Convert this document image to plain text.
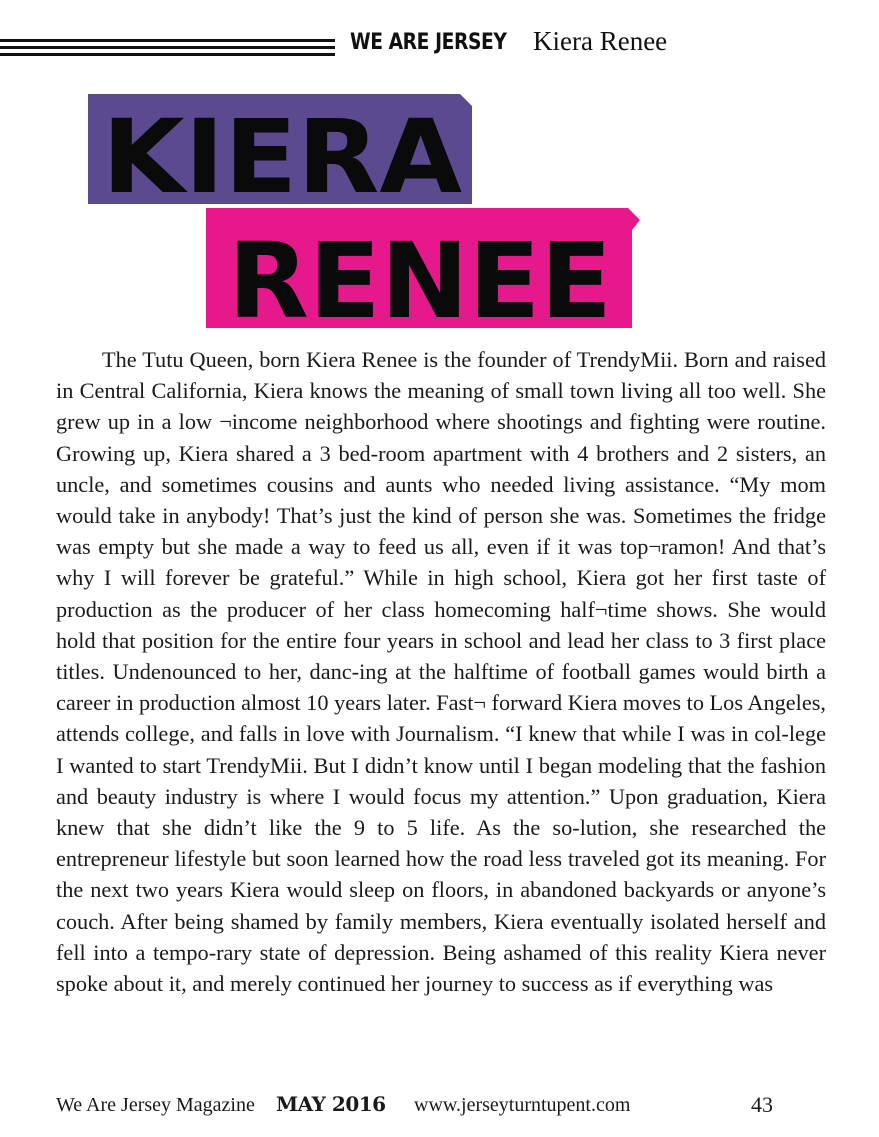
WE ARE JERSEY Kiera Renee
KIERA
RENEE

The Tutu Queen, born Kiera Renee is the founder of TrendyMii. Born and raised in Central California, Kiera knows the meaning of small town living all too well. She grew up in a low ¬income neighborhood where shootings and fighting were routine. Growing up, Kiera shared a 3 bed-room apartment with 4 brothers and 2 sisters, an uncle, and sometimes cousins and aunts who needed living assistance. “My mom would take in anybody! That’s just the kind of person she was. Sometimes the fridge was empty but she made a way to feed us all, even if it was top¬ramon! And that’s why I will forever be grateful.” While in high school, Kiera got her first taste of production as the producer of her class homecoming half¬time shows. She would hold that position for the entire four years in school and lead her class to 3 first place titles. Undenounced to her, danc-ing at the halftime of football games would birth a career in production almost 10 years later. Fast¬ forward Kiera moves to Los Angeles, attends college, and falls in love with Journalism. “I knew that while I was in col-lege I wanted to start TrendyMii. But I didn’t know until I began modeling that the fashion and beauty industry is where I would focus my attention.” Upon graduation, Kiera knew that she didn’t like the 9 to 5 life. As the so-lution, she researched the entrepreneur lifestyle but soon learned how the road less traveled got its meaning. For the next two years Kiera would sleep on floors, in abandoned backyards or anyone’s couch. After being shamed by family members, Kiera eventually isolated herself and fell into a tempo-rary state of depression. Being ashamed of this reality Kiera never spoke about it, and merely continued her journey to success as if everything was

We Are Jersey Magazine MAY 2016 www.jerseyturntupent.com	43
